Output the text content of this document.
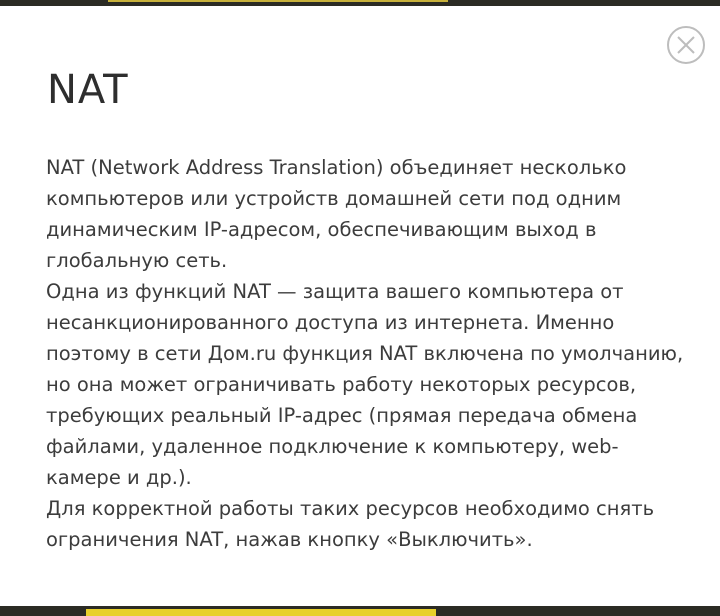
NAT

NAT (Network Address Translation) объединяет несколько компьютеров или устройств домашней сети под одним динамическим IP-адресом, обеспечивающим выход в глобальную сеть.

Одна из функций NAT — защита вашего компьютера от несанкционированного доступа из интернета. Именно поэтому в сети Дом.ru функция NAT включена по умолчанию, но она может ограничивать работу некоторых ресурсов, требующих реальный IP-адрес (прямая передача обмена файлами, удаленное подключение к компьютеру, web-камере и др.).

Для корректной работы таких ресурсов необходимо снять ограничения NAT, нажав кнопку «Выключить».
